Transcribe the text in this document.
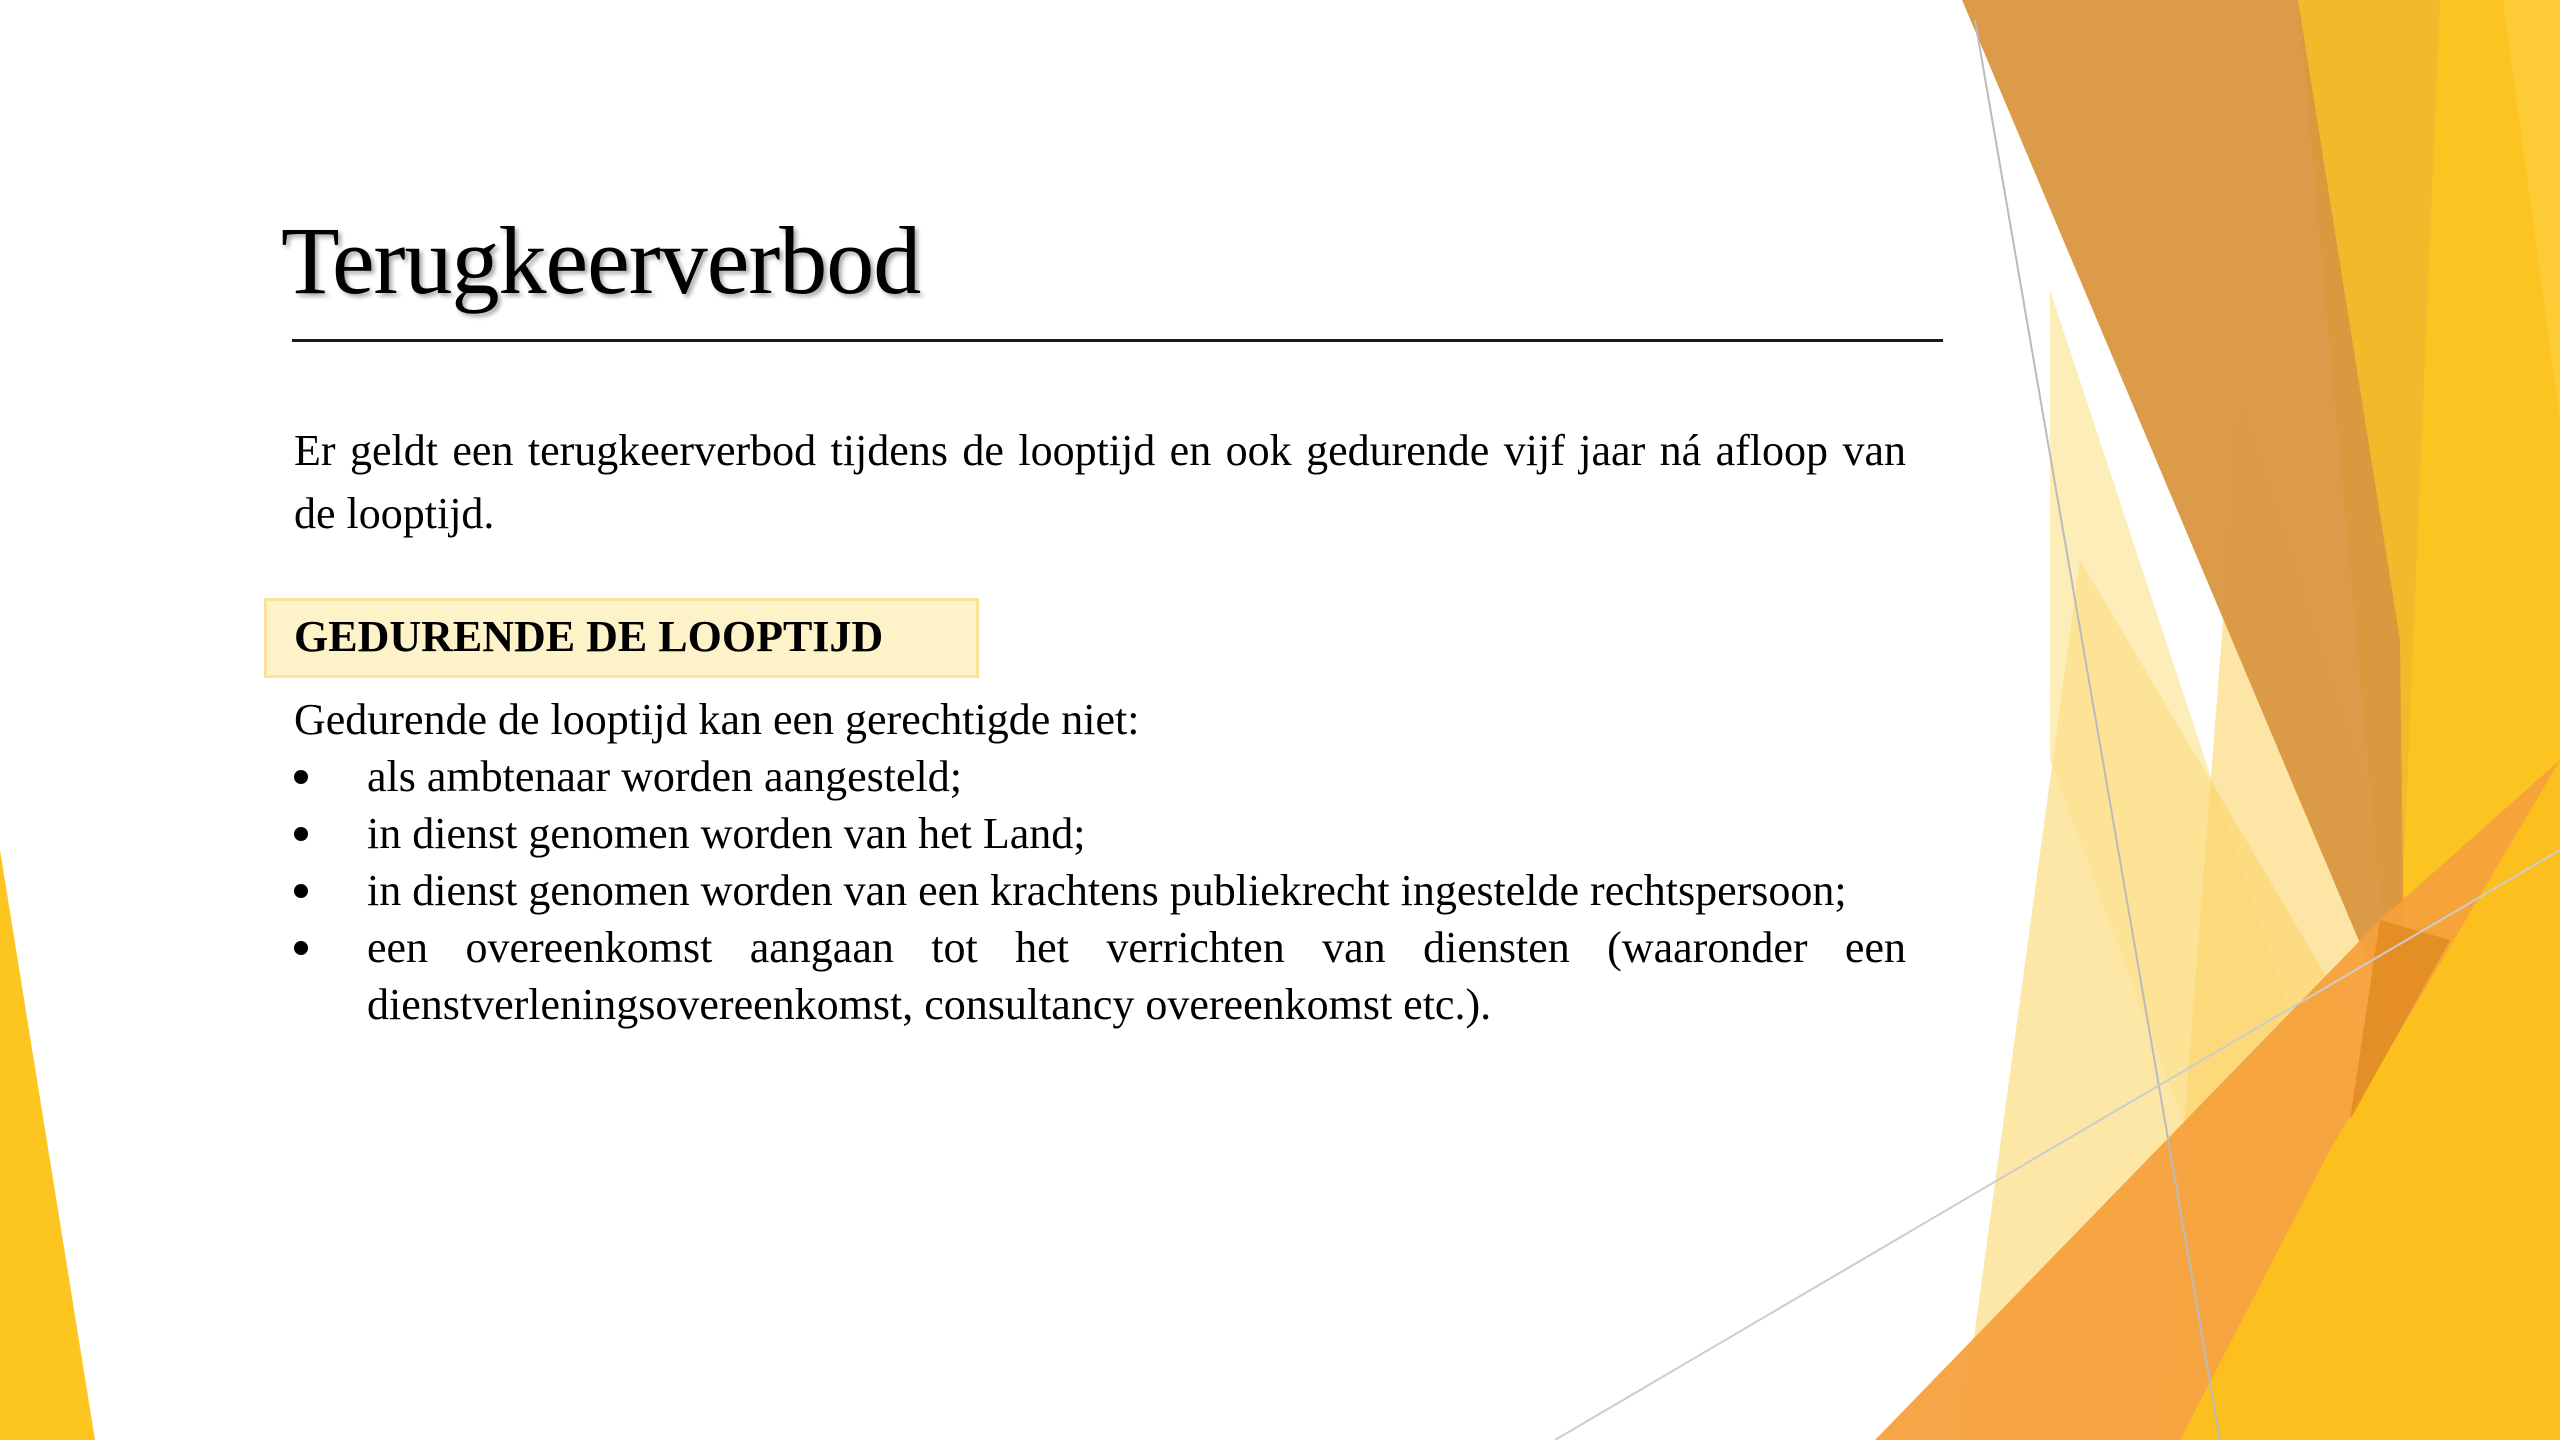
Terugkeerverbod

Er geldt een terugkeerverbod tijdens de looptijd en ook gedurende vijf jaar ná afloop van de looptijd.

GEDURENDE DE LOOPTIJD
Gedurende de looptijd kan een gerechtigde niet:
als ambtenaar worden aangesteld;
in dienst genomen worden van het Land;
in dienst genomen worden van een krachtens publiekrecht ingestelde rechtspersoon;
een overeenkomst aangaan tot het verrichten van diensten (waaronder een dienstverleningsovereenkomst, consultancy overeenkomst etc.).
